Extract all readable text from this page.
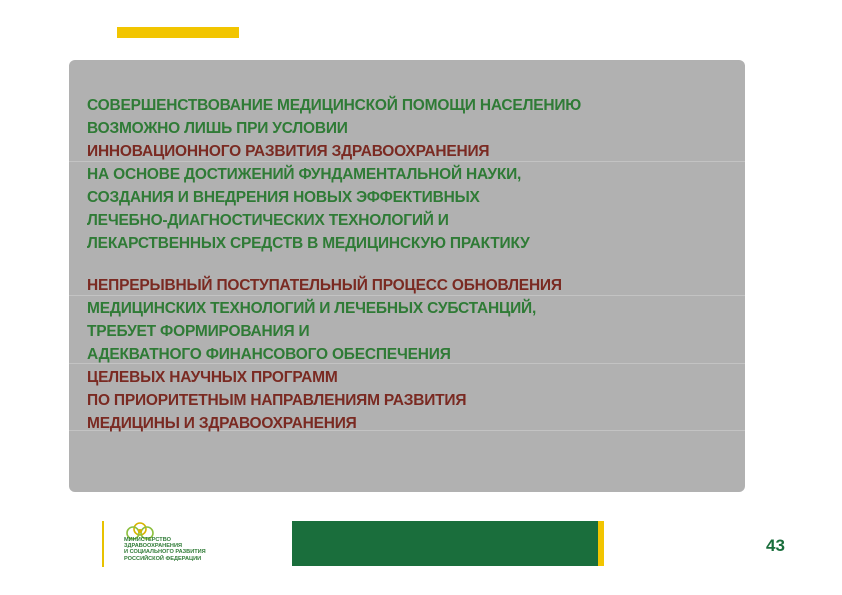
СОВЕРШЕНСТВОВАНИЕ МЕДИЦИНСКОЙ ПОМОЩИ НАСЕЛЕНИЮ
ВОЗМОЖНО ЛИШЬ ПРИ УСЛОВИИ
ИННОВАЦИОННОГО РАЗВИТИЯ ЗДРАВООХРАНЕНИЯ
НА ОСНОВЕ ДОСТИЖЕНИЙ ФУНДАМЕНТАЛЬНОЙ НАУКИ,
СОЗДАНИЯ И ВНЕДРЕНИЯ НОВЫХ ЭФФЕКТИВНЫХ
ЛЕЧЕБНО-ДИАГНОСТИЧЕСКИХ ТЕХНОЛОГИЙ И
ЛЕКАРСТВЕННЫХ СРЕДСТВ В МЕДИЦИНСКУЮ ПРАКТИКУ
НЕПРЕРЫВНЫЙ ПОСТУПАТЕЛЬНЫЙ ПРОЦЕСС ОБНОВЛЕНИЯ
МЕДИЦИНСКИХ ТЕХНОЛОГИЙ И ЛЕЧЕБНЫХ СУБСТАНЦИЙ,
ТРЕБУЕТ ФОРМИРОВАНИЯ И
АДЕКВАТНОГО ФИНАНСОВОГО ОБЕСПЕЧЕНИЯ
ЦЕЛЕВЫХ НАУЧНЫХ ПРОГРАММ
ПО ПРИОРИТЕТНЫМ НАПРАВЛЕНИЯМ РАЗВИТИЯ
МЕДИЦИНЫ И ЗДРАВООХРАНЕНИЯ
МИНИСТЕРСТВО
ЗДРАВООХРАНЕНИЯ
И СОЦИАЛЬНОГО РАЗВИТИЯ
РОССИЙСКОЙ ФЕДЕРАЦИИ
43
